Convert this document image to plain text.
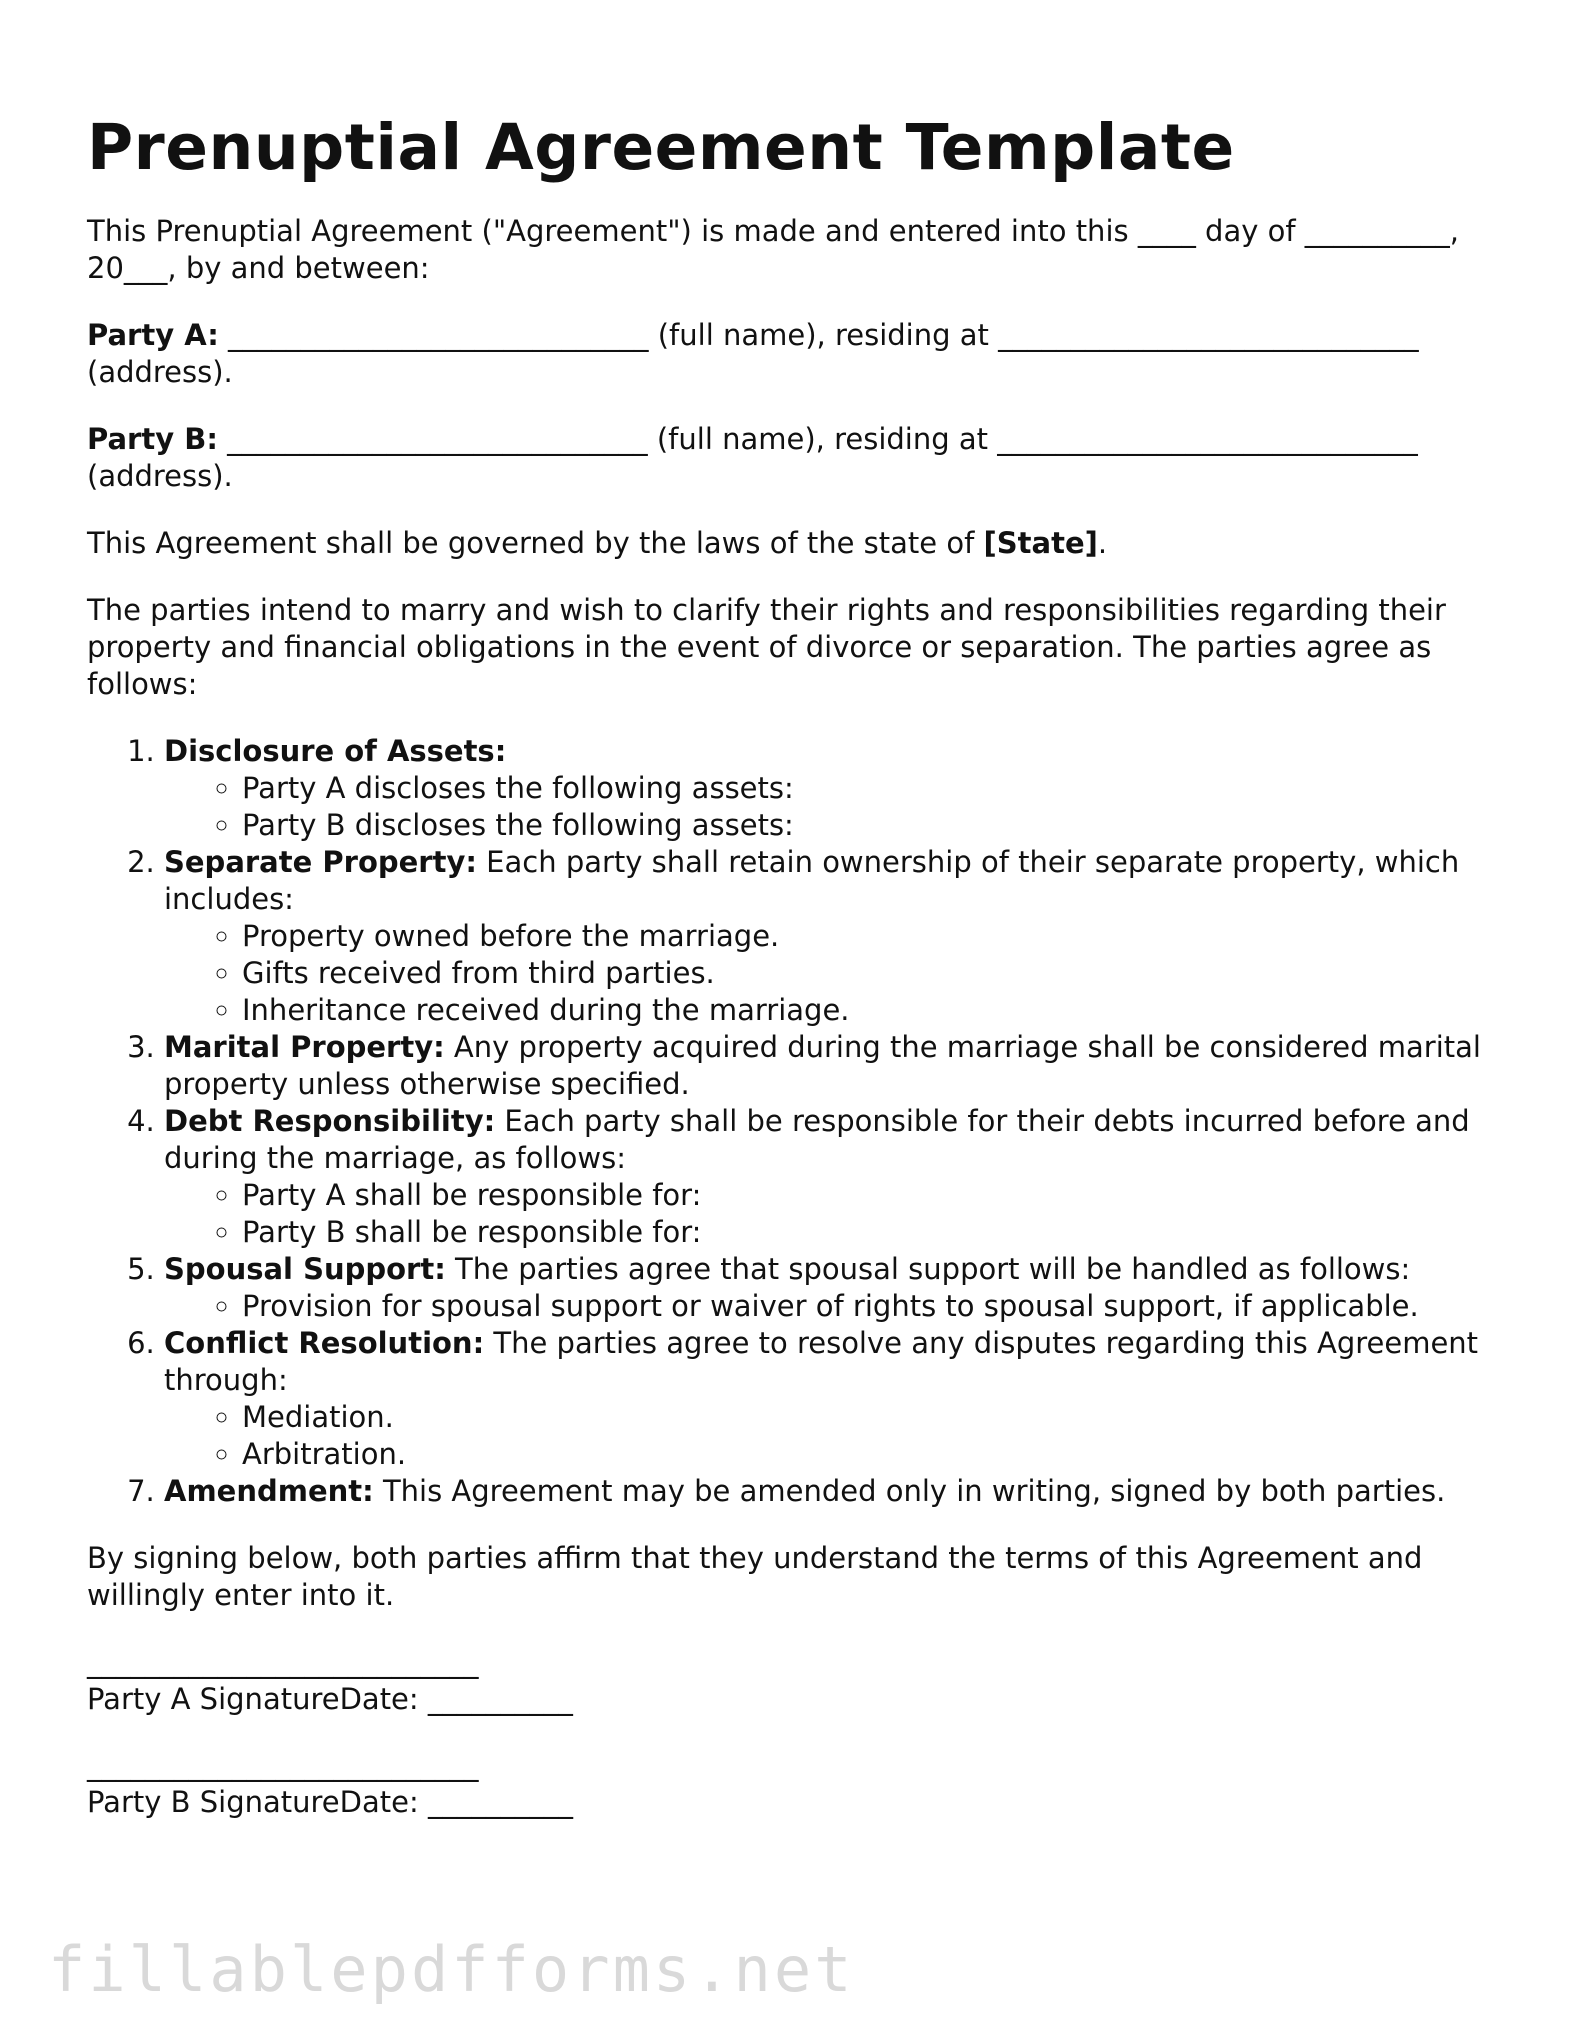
Prenuptial Agreement Template

This Prenuptial Agreement ("Agreement") is made and entered into this ____ day of __________, 20___, by and between:

Party A: _____________________________ (full name), residing at _____________________________ (address).

Party B: _____________________________ (full name), residing at _____________________________ (address).

This Agreement shall be governed by the laws of the state of [State].

The parties intend to marry and wish to clarify their rights and responsibilities regarding their property and financial obligations in the event of divorce or separation. The parties agree as follows:

1. Disclosure of Assets:
◦ Party A discloses the following assets:
◦ Party B discloses the following assets:
2. Separate Property: Each party shall retain ownership of their separate property, which includes:
◦ Property owned before the marriage.
◦ Gifts received from third parties.
◦ Inheritance received during the marriage.
3. Marital Property: Any property acquired during the marriage shall be considered marital property unless otherwise specified.
4. Debt Responsibility: Each party shall be responsible for their debts incurred before and during the marriage, as follows:
◦ Party A shall be responsible for:
◦ Party B shall be responsible for:
5. Spousal Support: The parties agree that spousal support will be handled as follows:
◦ Provision for spousal support or waiver of rights to spousal support, if applicable.
6. Conflict Resolution: The parties agree to resolve any disputes regarding this Agreement through:
◦ Mediation.
◦ Arbitration.
7. Amendment: This Agreement may be amended only in writing, signed by both parties.

By signing below, both parties affirm that they understand the terms of this Agreement and willingly enter into it.

___________________________
Party A SignatureDate: __________
___________________________
Party B SignatureDate: __________
fillablepdfforms.net
